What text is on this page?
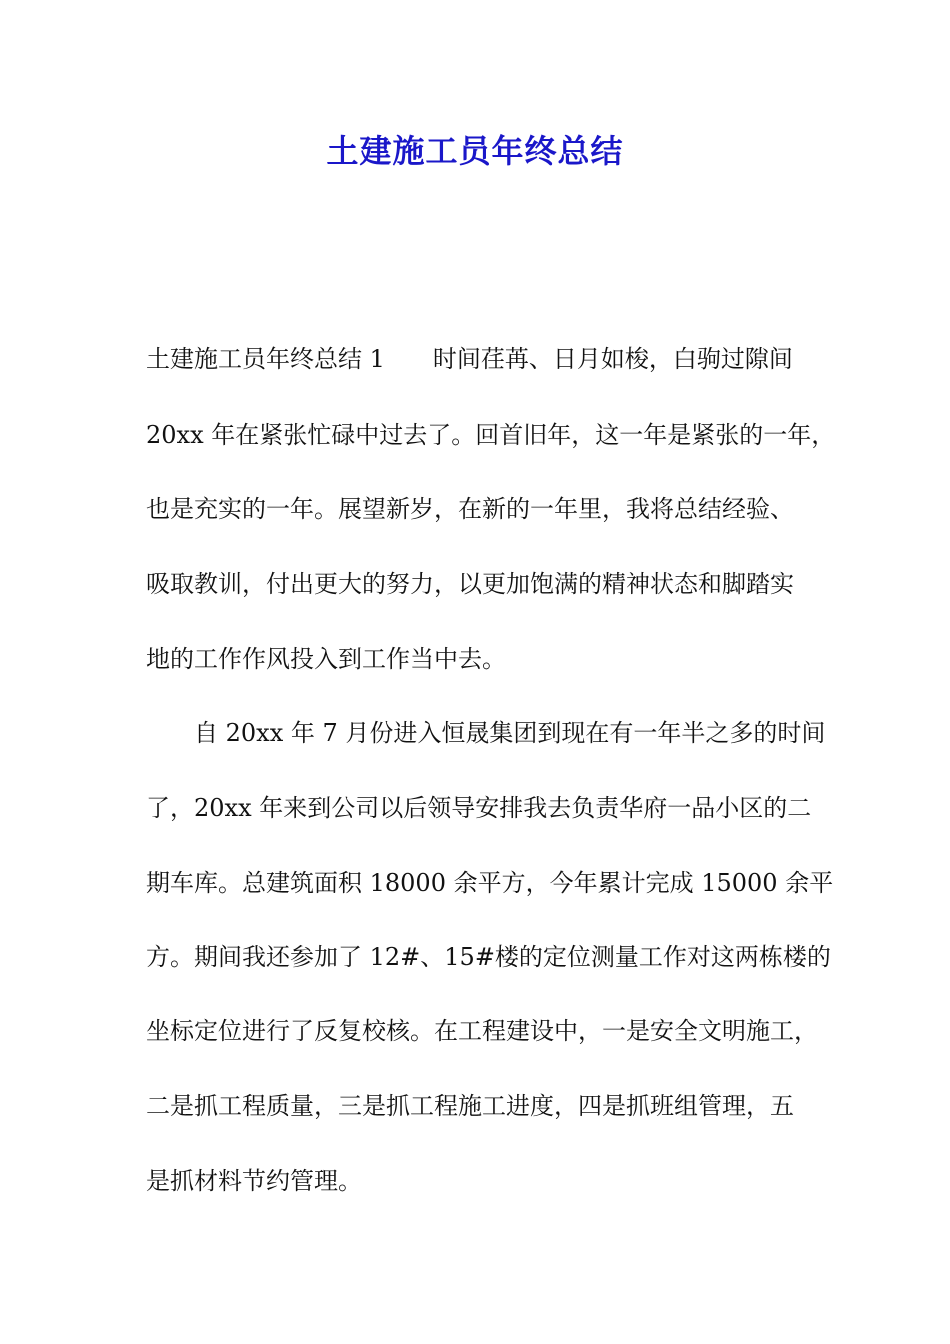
土建施工员年终总结
土建施工员年终总结 1 时间荏苒、日月如梭，白驹过隙间
20xx 年在紧张忙碌中过去了。回首旧年，这一年是紧张的一年，
也是充实的一年。展望新岁，在新的一年里，我将总结经验、
吸取教训，付出更大的努力，以更加饱满的精神状态和脚踏实
地的工作作风投入到工作当中去。
自 20xx 年 7 月份进入恒晟集团到现在有一年半之多的时间
了，20xx 年来到公司以后领导安排我去负责华府一品小区的二
期车库。总建筑面积 18000 余平方，今年累计完成 15000 余平
方。期间我还参加了 12#、15#楼的定位测量工作对这两栋楼的
坐标定位进行了反复校核。在工程建设中，一是安全文明施工，
二是抓工程质量，三是抓工程施工进度，四是抓班组管理，五
是抓材料节约管理。
